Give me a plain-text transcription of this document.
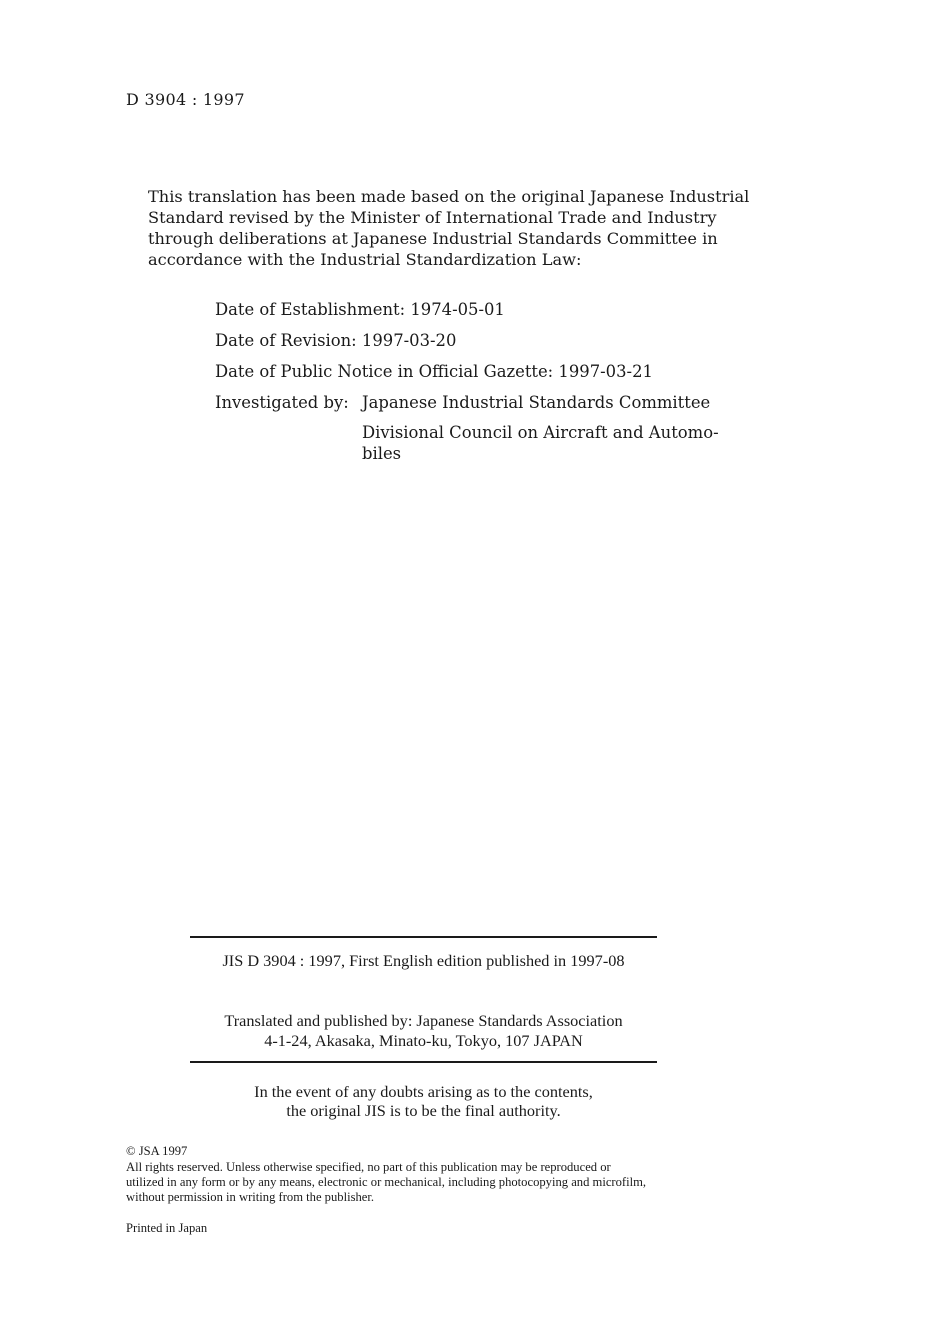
D 3904 : 1997
This translation has been made based on the original Japanese Industrial
Standard revised by the Minister of International Trade and Industry
through deliberations at Japanese Industrial Standards Committee in
accordance with the Industrial Standardization Law:
Date of Establishment: 1974-05-01
Date of Revision: 1997-03-20
Date of Public Notice in Official Gazette: 1997-03-21
Investigated by: Japanese Industrial Standards Committee
Divisional Council on Aircraft and Automo-
biles
JIS D 3904 : 1997, First English edition published in 1997-08
Translated and published by: Japanese Standards Association
4-1-24, Akasaka, Minato-ku, Tokyo, 107 JAPAN
In the event of any doubts arising as to the contents,
the original JIS is to be the final authority.
© JSA 1997
All rights reserved. Unless otherwise specified, no part of this publication may be reproduced or
utilized in any form or by any means, electronic or mechanical, including photocopying and microfilm,
without permission in writing from the publisher.
Printed in Japan
